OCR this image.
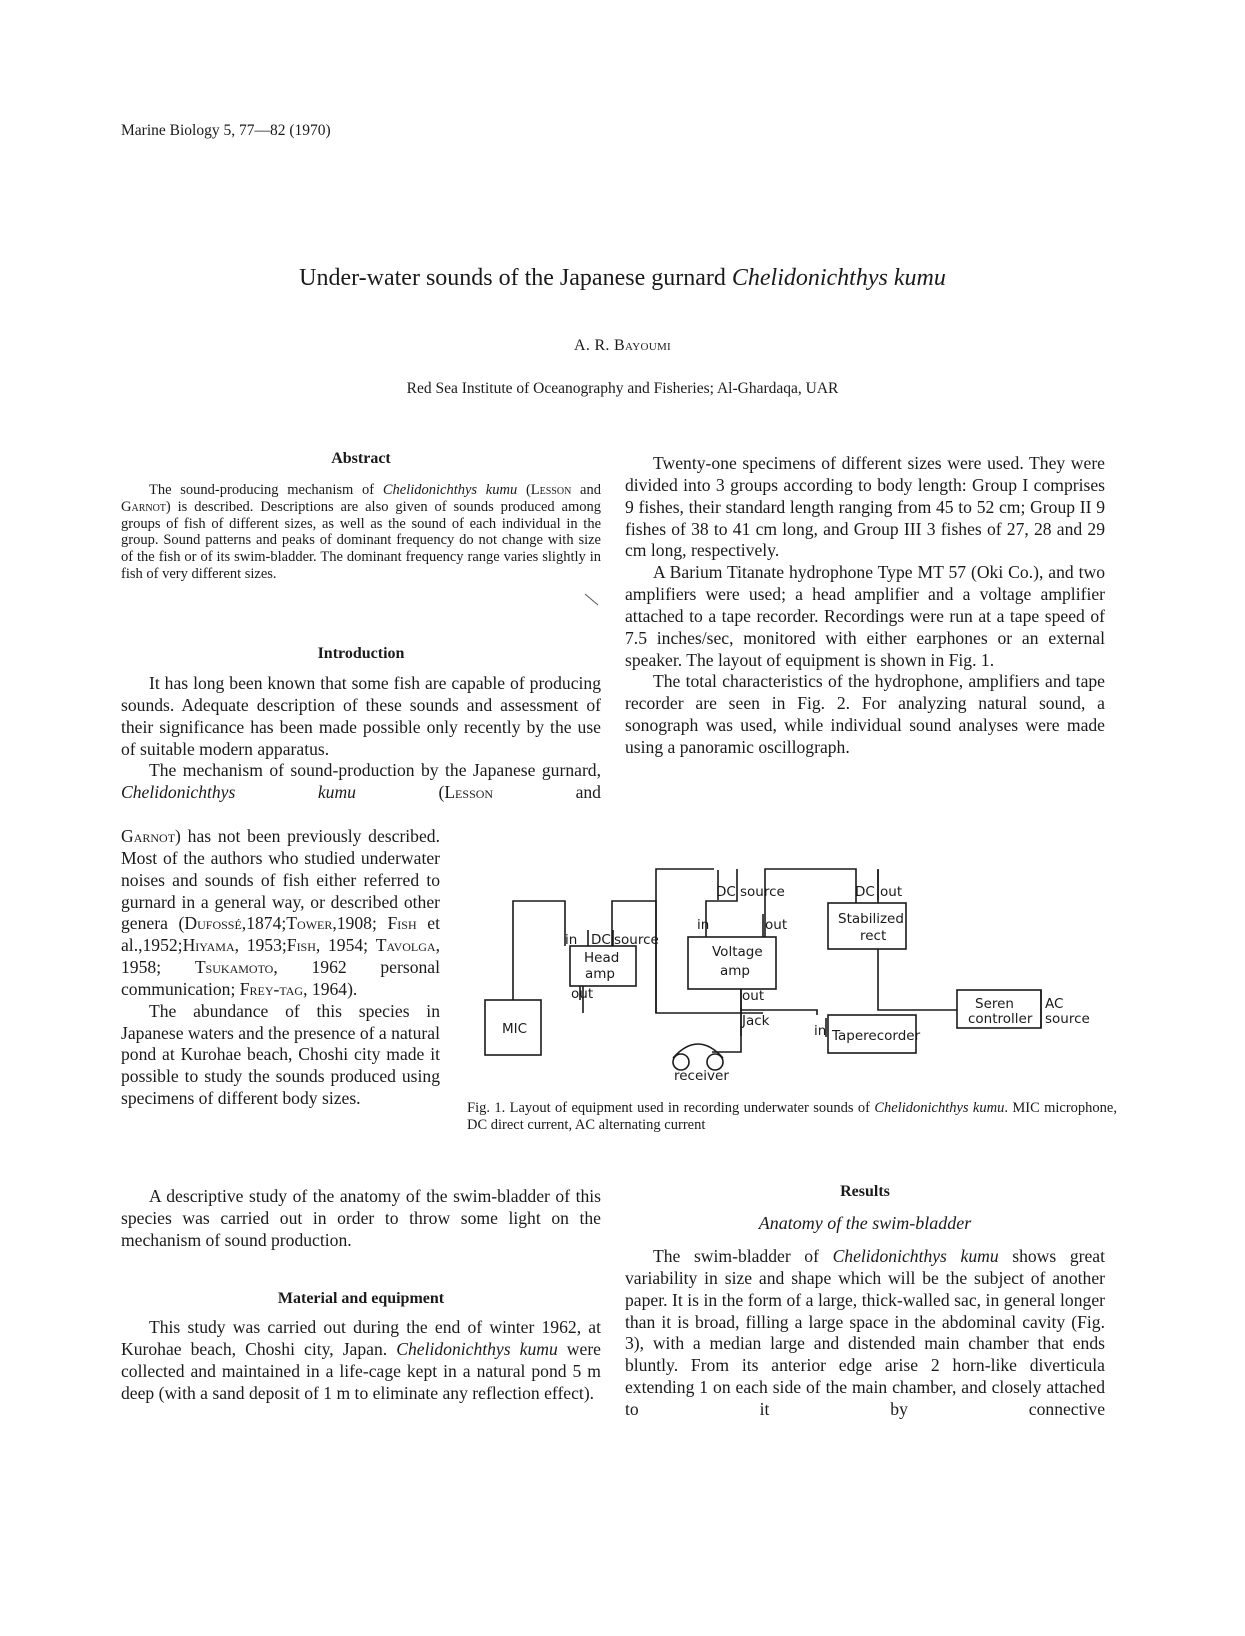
Marine Biology 5, 77—82 (1970)
Under-water sounds of the Japanese gurnard Chelidonichthys kumu
A. R. Bayoumi
Red Sea Institute of Oceanography and Fisheries; Al-Ghardaqa, UAR
Abstract

The sound-producing mechanism of Chelidonichthys kumu (Lesson and Garnot) is described. Descriptions are also given of sounds produced among groups of fish of different sizes, as well as the sound of each individual in the group. Sound patterns and peaks of dominant frequency do not change with size of the fish or of its swim-bladder. The dominant frequency range varies slightly in fish of very different sizes.

Introduction

It has long been known that some fish are capable of producing sounds. Adequate description of these sounds and assessment of their significance has been made possible only recently by the use of suitable modern apparatus.

The mechanism of sound-production by the Japanese gurnard, Chelidonichthys kumu (Lesson and

Garnot) has not been previously described. Most of the authors who studied underwater noises and sounds of fish either referred to gurnard in a general way, or described other genera (Dufossé,1874;Tower,1908; Fish et al.,1952;Hiyama, 1953;Fish, 1954; Tavolga, 1958; Tsukamoto, 1962 personal communication; Frey-tag, 1964).

The abundance of this species in Japanese waters and the presence of a natural pond at Kurohae beach, Choshi city made it possible to study the sounds produced using specimens of different body sizes.

A descriptive study of the anatomy of the swim-bladder of this species was carried out in order to throw some light on the mechanism of sound production.

Material and equipment

This study was carried out during the end of winter 1962, at Kurohae beach, Choshi city, Japan. Chelidonichthys kumu were collected and maintained in a life-cage kept in a natural pond 5 m deep (with a sand deposit of 1 m to eliminate any reflection effect).

Twenty-one specimens of different sizes were used. They were divided into 3 groups according to body length: Group I comprises 9 fishes, their standard length ranging from 45 to 52 cm; Group II 9 fishes of 38 to 41 cm long, and Group III 3 fishes of 27, 28 and 29 cm long, respectively.

A Barium Titanate hydrophone Type MT 57 (Oki Co.), and two amplifiers were used; a head amplifier and a voltage amplifier attached to a tape recorder. Recordings were run at a tape speed of 7.5 inches/sec, monitored with either earphones or an external speaker. The layout of equipment is shown in Fig. 1.

The total characteristics of the hydrophone, amplifiers and tape recorder are seen in Fig. 2. For analyzing natural sound, a sonograph was used, while individual sound analyses were made using a panoramic oscillograph.

MIC
Head
amp
Voltage
amp
Stabilized
rect
Seren
controller
Taperecorder
receiver
in DC source
out
in
DC source
out
out
Jack
in
DC out
AC
source
Fig. 1. Layout of equipment used in recording underwater sounds of Chelidonichthys kumu. MIC microphone, DC direct current, AC alternating current
Results
Anatomy of the swim-bladder

The swim-bladder of Chelidonichthys kumu shows great variability in size and shape which will be the subject of another paper. It is in the form of a large, thick-walled sac, in general longer than it is broad, filling a large space in the abdominal cavity (Fig. 3), with a median large and distended main chamber that ends bluntly. From its anterior edge arise 2 horn-like diverticula extending 1 on each side of the main chamber, and closely attached to it by connective
